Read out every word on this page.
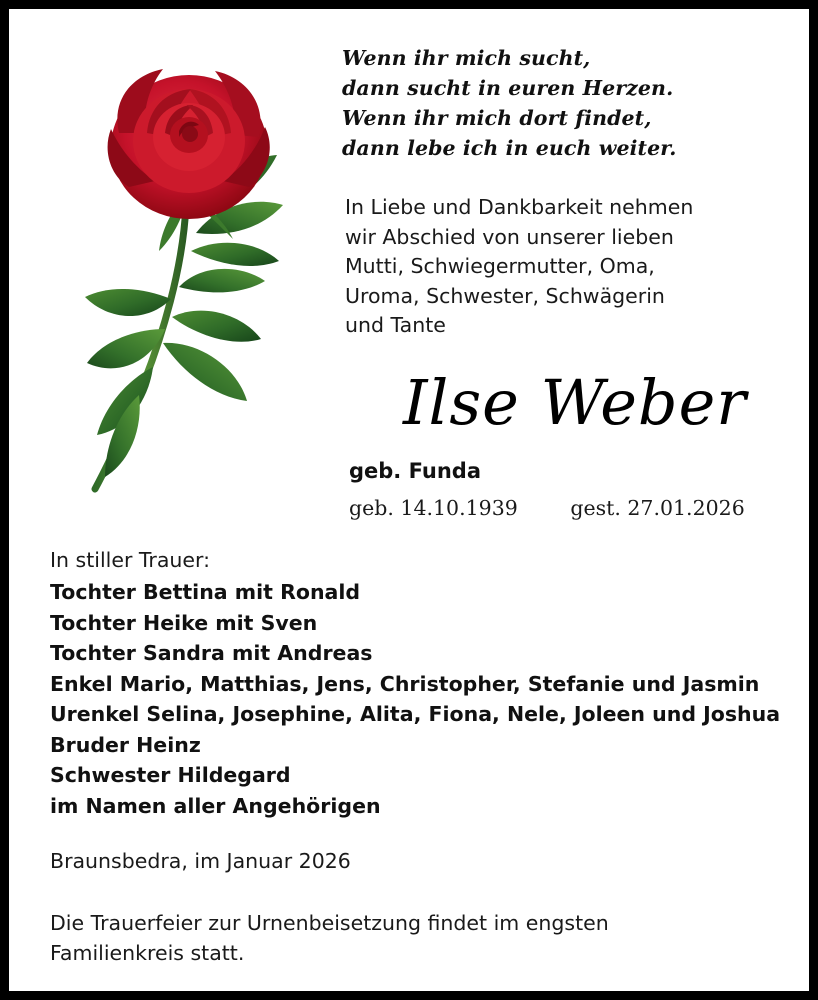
Wenn ihr mich sucht,
dann sucht in euren Herzen.
Wenn ihr mich dort findet,
dann lebe ich in euch weiter.
In Liebe und Dankbarkeit nehmen
wir Abschied von unserer lieben
Mutti, Schwiegermutter, Oma,
Uroma, Schwester, Schwägerin
und Tante
Ilse Weber
geb. Funda
geb. 14.10.1939	gest. 27.01.2026
In stiller Trauer:
Tochter Bettina mit Ronald
Tochter Heike mit Sven
Tochter Sandra mit Andreas
Enkel Mario, Matthias, Jens, Christopher, Stefanie und Jasmin
Urenkel Selina, Josephine, Alita, Fiona, Nele, Joleen und Joshua
Bruder Heinz
Schwester Hildegard
im Namen aller Angehörigen
Braunsbedra, im Januar 2026
Die Trauerfeier zur Urnenbeisetzung findet im engsten
Familienkreis statt.
